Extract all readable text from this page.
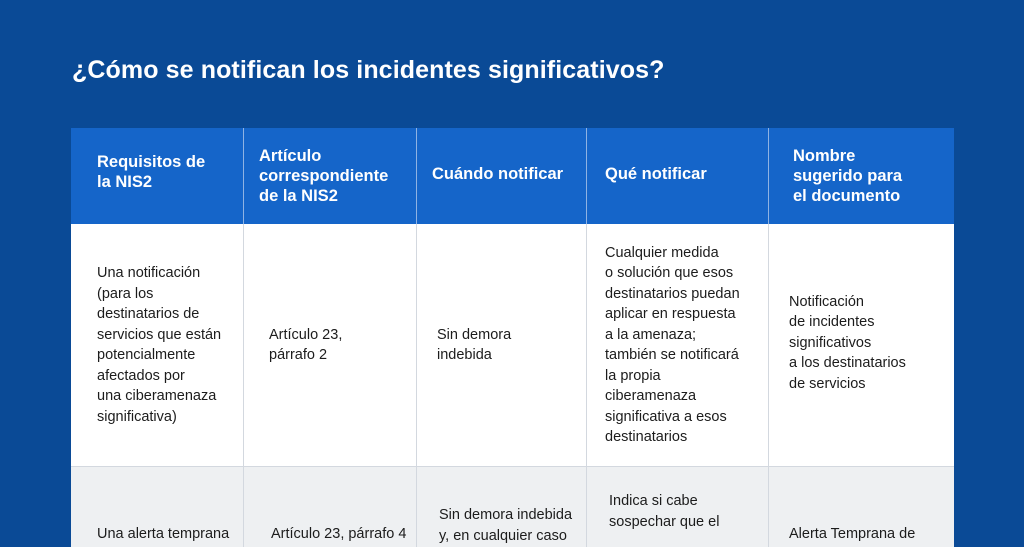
¿Cómo se notifican los incidentes significativos?
Requisitos de
la NIS2
Artículo
correspondiente
de la NIS2
Cuándo notificar	Qué notificar
Nombre
sugerido para
el documento
Una notificación
(para los
destinatarios de
servicios que están
potencialmente
afectados por
una ciberamenaza
significativa)
Artículo 23,
párrafo 2
Sin demora
indebida
Cualquier medida
o solución que esos
destinatarios puedan
aplicar en respuesta
a la amenaza;
también se notificará
la propia
ciberamenaza
significativa a esos
destinatarios
Notificación
de incidentes
significativos
a los destinatarios
de servicios
Una alerta temprana	Artículo 23, párrafo 4
Sin demora indebida
y, en cualquier caso
Indica si cabe
sospechar que el
Alerta Temprana de
